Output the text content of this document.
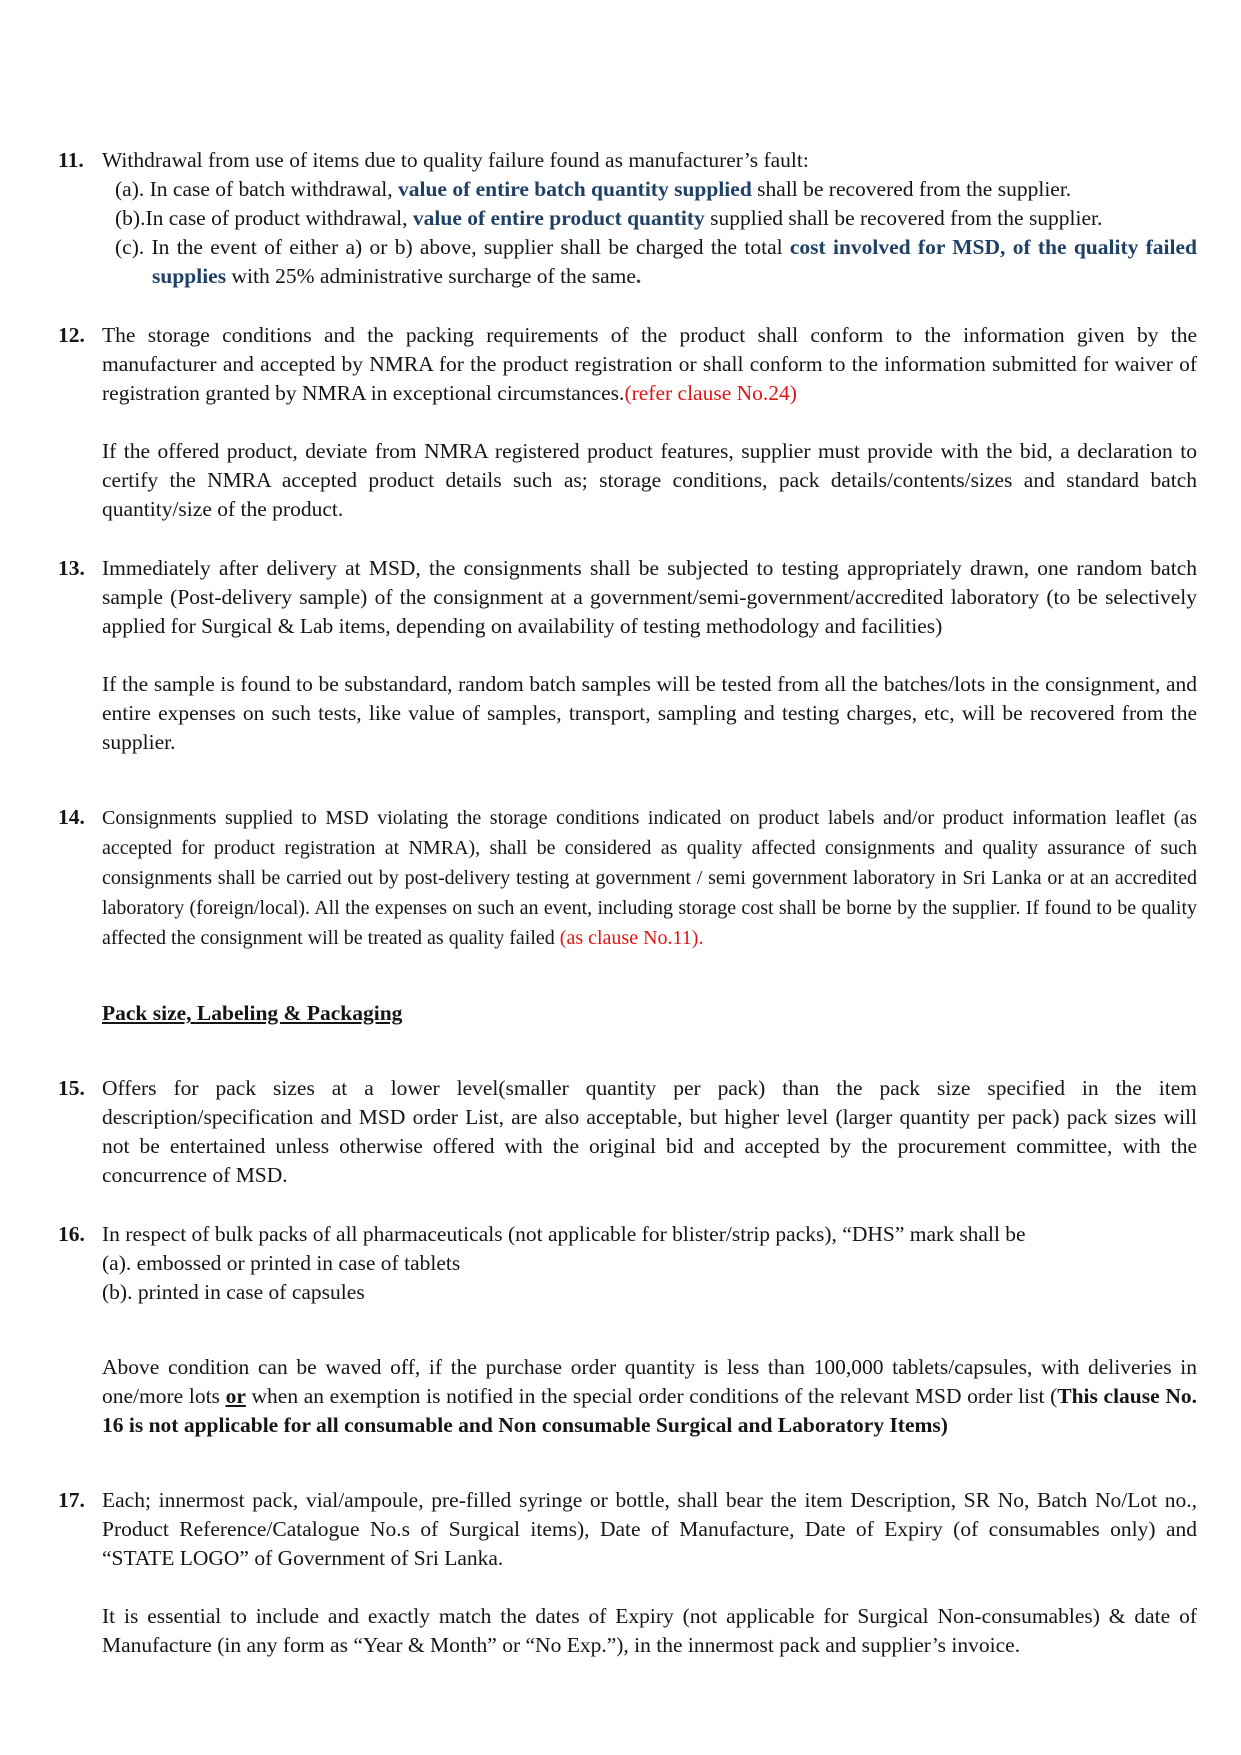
11. Withdrawal from use of items due to quality failure found as manufacturer’s fault:

(a). In case of batch withdrawal, value of entire batch quantity supplied shall be recovered from the supplier.

(b).In case of product withdrawal, value of entire product quantity supplied shall be recovered from the supplier.

(c). In the event of either a) or b) above, supplier shall be charged the total cost involved for MSD, of the quality failed supplies with 25% administrative surcharge of the same.

12. The storage conditions and the packing requirements of the product shall conform to the information given by the manufacturer and accepted by NMRA for the product registration or shall conform to the information submitted for waiver of registration granted by NMRA in exceptional circumstances.(refer clause No.24)

If the offered product, deviate from NMRA registered product features, supplier must provide with the bid, a declaration to certify the NMRA accepted product details such as; storage conditions, pack details/contents/sizes and standard batch quantity/size of the product.

13. Immediately after delivery at MSD, the consignments shall be subjected to testing appropriately drawn, one random batch sample (Post-delivery sample) of the consignment at a government/semi-government/accredited laboratory (to be selectively applied for Surgical & Lab items, depending on availability of testing methodology and facilities)

If the sample is found to be substandard, random batch samples will be tested from all the batches/lots in the consignment, and entire expenses on such tests, like value of samples, transport, sampling and testing charges, etc, will be recovered from the supplier.

14. Consignments supplied to MSD violating the storage conditions indicated on product labels and/or product information leaflet (as accepted for product registration at NMRA), shall be considered as quality affected consignments and quality assurance of such consignments shall be carried out by post-delivery testing at government / semi government laboratory in Sri Lanka or at an accredited laboratory (foreign/local). All the expenses on such an event, including storage cost shall be borne by the supplier. If found to be quality affected the consignment will be treated as quality failed (as clause No.11).

Pack size, Labeling & Packaging

15. Offers for pack sizes at a lower level(smaller quantity per pack) than the pack size specified in the item description/specification and MSD order List, are also acceptable, but higher level (larger quantity per pack) pack sizes will not be entertained unless otherwise offered with the original bid and accepted by the procurement committee, with the concurrence of MSD.

16. In respect of bulk packs of all pharmaceuticals (not applicable for blister/strip packs), “DHS” mark shall be

(a). embossed or printed in case of tablets

(b). printed in case of capsules

Above condition can be waved off, if the purchase order quantity is less than 100,000 tablets/capsules, with deliveries in one/more lots or when an exemption is notified in the special order conditions of the relevant MSD order list (This clause No. 16 is not applicable for all consumable and Non consumable Surgical and Laboratory Items)

17. Each; innermost pack, vial/ampoule, pre-filled syringe or bottle, shall bear the item Description, SR No, Batch No/Lot no., Product Reference/Catalogue No.s of Surgical items), Date of Manufacture, Date of Expiry (of consumables only) and “STATE LOGO” of Government of Sri Lanka.

It is essential to include and exactly match the dates of Expiry (not applicable for Surgical Non-consumables) & date of Manufacture (in any form as “Year & Month” or “No Exp.”), in the innermost pack and supplier’s invoice.
